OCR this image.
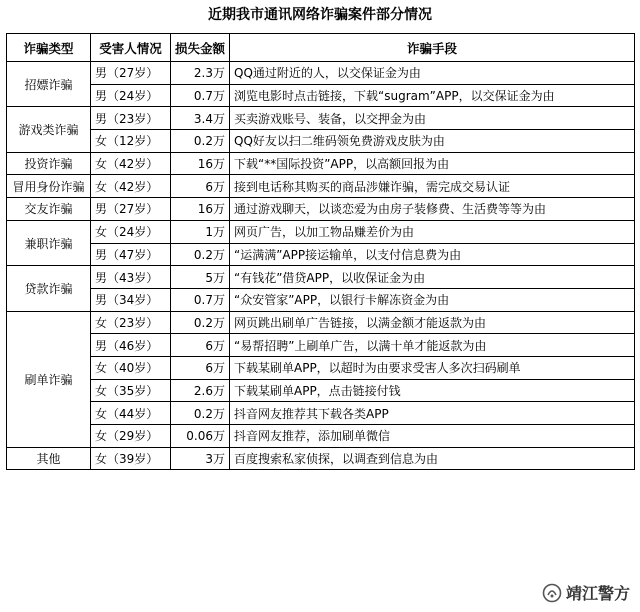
近期我市通讯网络诈骗案件部分情况
诈骗类型	受害人情况	损失金额	诈骗手段
招嫖诈骗	男（27岁）	2.3万	QQ通过附近的人，以交保证金为由
	男（24岁）	0.7万	浏览电影时点击链接，下载“sugram”APP，以交保证金为由
游戏类诈骗	男（23岁）	3.4万	买卖游戏账号、装备，以交押金为由
	女（12岁）	0.2万	QQ好友以扫二维码领免费游戏皮肤为由
投资诈骗	女（42岁）	16万	下载“**国际投资”APP，以高额回报为由
冒用身份诈骗	女（42岁）	6万	接到电话称其购买的商品涉嫌诈骗，需完成交易认证
交友诈骗	男（27岁）	16万	通过游戏聊天，以谈恋爱为由房子装修费、生活费等等为由
兼职诈骗	女（24岁）	1万	网页广告，以加工物品赚差价为由
	男（47岁）	0.2万	“运满满”APP接运输单，以支付信息费为由
贷款诈骗	男（43岁）	5万	“有钱花”借贷APP，以收保证金为由
	男（34岁）	0.7万	“众安管家”APP，以银行卡解冻资金为由
刷单诈骗	女（23岁）	0.2万	网页跳出刷单广告链接，以满金额才能返款为由
	男（46岁）	6万	“易帮招聘”上刷单广告，以满十单才能返款为由
	女（40岁）	6万	下载某刷单APP，以超时为由要求受害人多次扫码刷单
	女（35岁）	2.6万	下载某刷单APP，点击链接付钱
	女（44岁）	0.2万	抖音网友推荐其下载各类APP
	女（29岁）	0.06万	抖音网友推荐，添加刷单微信
其他	女（39岁）	3万	百度搜索私家侦探，以调查到信息为由
靖江警方
